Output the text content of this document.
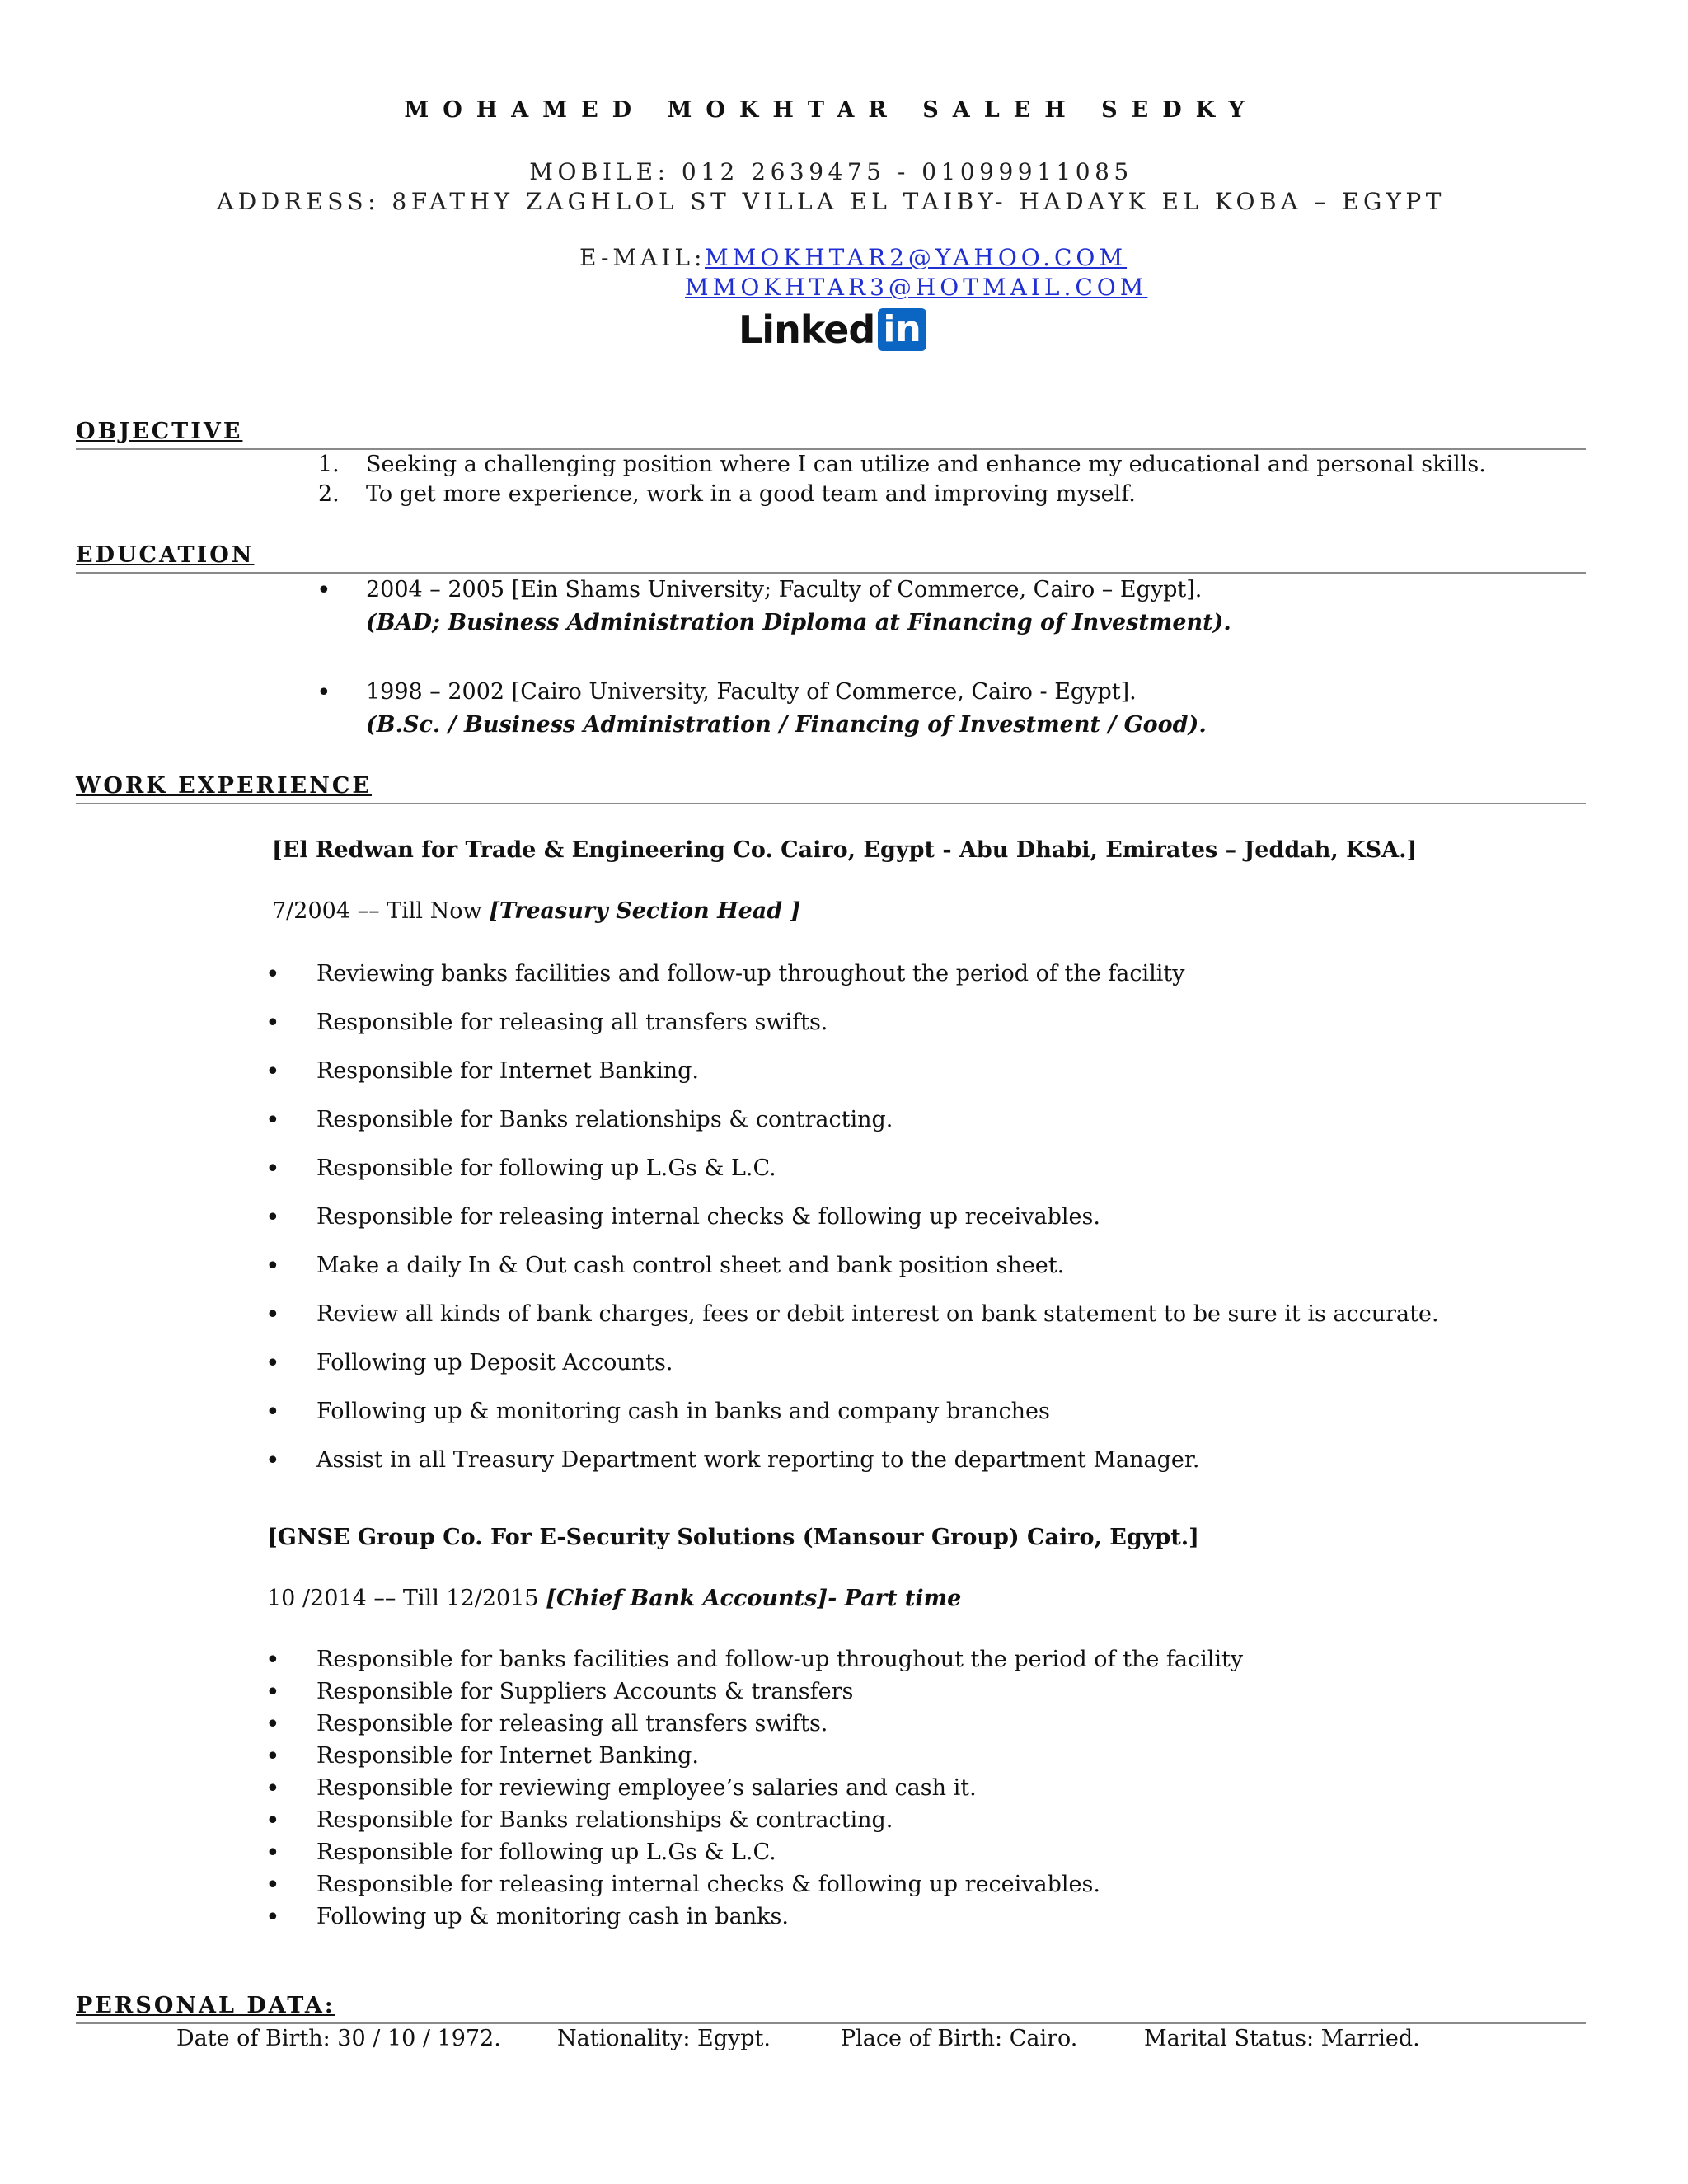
MOHAMED MOKHTAR SALEH SEDKY
MOBILE: 012 2639475 - 01099911085
ADDRESS: 8FATHY ZAGHLOL ST VILLA EL TAIBY- HADAYK EL KOBA – EGYPT
E-MAIL:
MMOKHTAR2@YAHOO.COM
MMOKHTAR3@HOTMAIL.COM
Linked in
OBJECTIVE
1. Seeking a challenging position where I can utilize and enhance my educational and personal skills.
2. To get more experience, work in a good team and improving myself.
EDUCATION
• 2004 – 2005 [Ein Shams University; Faculty of Commerce, Cairo – Egypt].
(BAD; Business Administration Diploma at Financing of Investment).
• 1998 – 2002 [Cairo University, Faculty of Commerce, Cairo - Egypt].
(B.Sc. / Business Administration / Financing of Investment / Good).
WORK EXPERIENCE
[El Redwan for Trade & Engineering Co. Cairo, Egypt - Abu Dhabi, Emirates – Jeddah, KSA.]
7/2004 –– Till Now [Treasury Section Head ]
• Reviewing banks facilities and follow-up throughout the period of the facility
• Responsible for releasing all transfers swifts.
• Responsible for Internet Banking.
• Responsible for Banks relationships & contracting.
• Responsible for following up L.Gs & L.C.
• Responsible for releasing internal checks & following up receivables.
• Make a daily In & Out cash control sheet and bank position sheet.
• Review all kinds of bank charges, fees or debit interest on bank statement to be sure it is accurate.
• Following up Deposit Accounts.
• Following up & monitoring cash in banks and company branches
• Assist in all Treasury Department work reporting to the department Manager.
[GNSE Group Co. For E-Security Solutions (Mansour Group) Cairo, Egypt.]
10 /2014 –– Till 12/2015 [Chief Bank Accounts]- Part time
• Responsible for banks facilities and follow-up throughout the period of the facility
• Responsible for Suppliers Accounts & transfers
• Responsible for releasing all transfers swifts.
• Responsible for Internet Banking.
• Responsible for reviewing employee’s salaries and cash it.
• Responsible for Banks relationships & contracting.
• Responsible for following up L.Gs & L.C.
• Responsible for releasing internal checks & following up receivables.
• Following up & monitoring cash in banks.
PERSONAL DATA:
Date of Birth: 30 / 10 / 1972.	Nationality: Egypt.	Place of Birth: Cairo.	Marital Status: Married.
